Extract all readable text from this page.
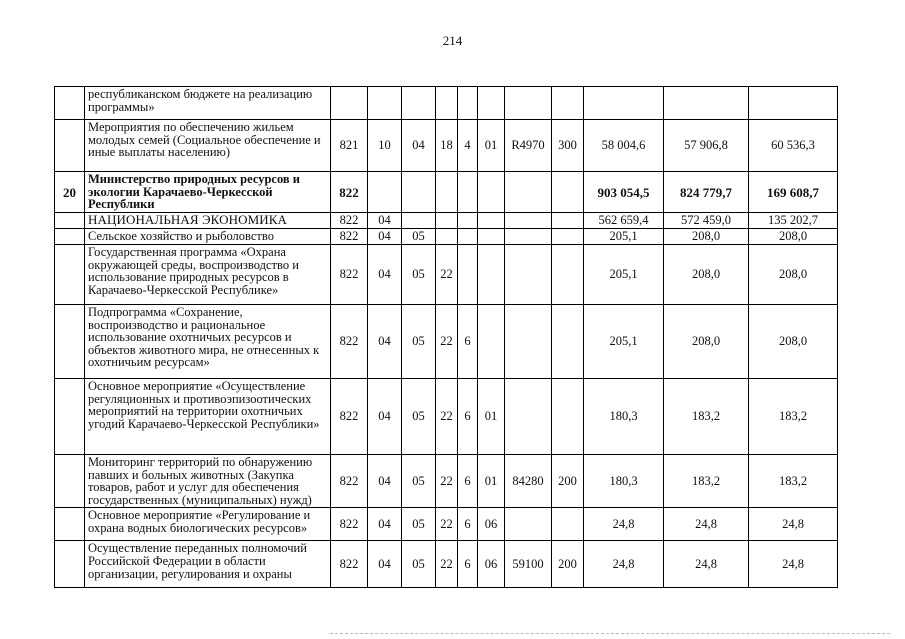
214
	республиканском бюджете на реализацию программы»											
	Мероприятия по обеспечению жильем молодых семей (Социальное обеспечение и иные выплаты населению)	821	10	04	18	4	01	R4970	300	58 004,6	57 906,8	60 536,3
20	Министерство природных ресурсов и экологии Карачаево-Черкесской Республики	822								903 054,5	824 779,7	169 608,7
	НАЦИОНАЛЬНАЯ ЭКОНОМИКА	822	04							562 659,4	572 459,0	135 202,7
	Сельское хозяйство и рыболовство	822	04	05						205,1	208,0	208,0
	Государственная программа «Охрана окружающей среды, воспроизводство и использование природных ресурсов в Карачаево-Черкесской Республике»	822	04	05	22					205,1	208,0	208,0
	Подпрограмма «Сохранение, воспроизводство и рациональное использование охотничьих ресурсов и объектов животного мира, не отнесенных к охотничьим ресурсам»	822	04	05	22	6				205,1	208,0	208,0
	Основное мероприятие «Осуществление регуляционных и противоэпизоотических мероприятий на территории охотничьих угодий Карачаево-Черкесской Республики»	822	04	05	22	6	01			180,3	183,2	183,2
	Мониторинг территорий по обнаружению павших и больных животных (Закупка товаров, работ и услуг для обеспечения государственных (муниципальных) нужд)	822	04	05	22	6	01	84280	200	180,3	183,2	183,2
	Основное мероприятие «Регулирование и охрана водных биологических ресурсов»	822	04	05	22	6	06			24,8	24,8	24,8
	Осуществление переданных полномочий Российской Федерации в области организации, регулирования и охраны	822	04	05	22	6	06	59100	200	24,8	24,8	24,8
